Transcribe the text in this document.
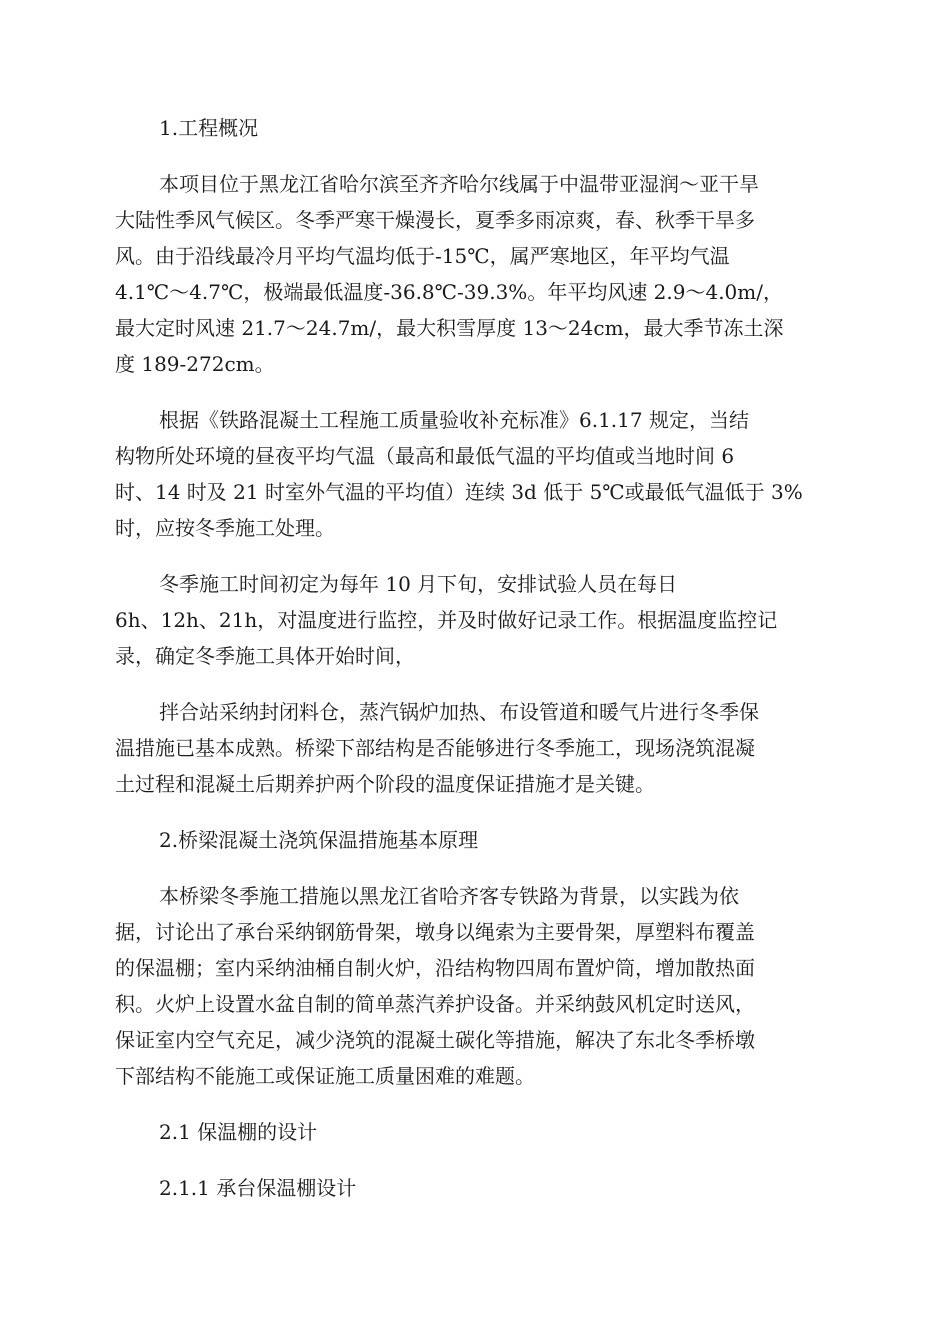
1.工程概况
本项目位于黑龙江省哈尔滨至齐齐哈尔线属于中温带亚湿润～亚干旱
大陆性季风气候区。冬季严寒干燥漫长，夏季多雨凉爽，春、秋季干旱多
风。由于沿线最冷月平均气温均低于-15℃，属严寒地区，年平均气温
4.1℃～4.7℃，极端最低温度-36.8℃-39.3%。年平均风速 2.9～4.0m/，
最大定时风速 21.7～24.7m/，最大积雪厚度 13～24cm，最大季节冻土深
度 189-272cm。
根据《铁路混凝土工程施工质量验收补充标准》6.1.17 规定，当结
构物所处环境的昼夜平均气温（最高和最低气温的平均值或当地时间 6
时、14 时及 21 时室外气温的平均值）连续 3d 低于 5℃或最低气温低于 3%
时，应按冬季施工处理。
冬季施工时间初定为每年 10 月下旬，安排试验人员在每日
6h、12h、21h，对温度进行监控，并及时做好记录工作。根据温度监控记
录，确定冬季施工具体开始时间，
拌合站采纳封闭料仓，蒸汽锅炉加热、布设管道和暖气片进行冬季保
温措施已基本成熟。桥梁下部结构是否能够进行冬季施工，现场浇筑混凝
土过程和混凝土后期养护两个阶段的温度保证措施才是关键。
2.桥梁混凝土浇筑保温措施基本原理
本桥梁冬季施工措施以黑龙江省哈齐客专铁路为背景，以实践为依
据，讨论出了承台采纳钢筋骨架，墩身以绳索为主要骨架，厚塑料布覆盖
的保温棚；室内采纳油桶自制火炉，沿结构物四周布置炉筒，增加散热面
积。火炉上设置水盆自制的简单蒸汽养护设备。并采纳鼓风机定时送风，
保证室内空气充足，减少浇筑的混凝土碳化等措施，解决了东北冬季桥墩
下部结构不能施工或保证施工质量困难的难题。
2.1 保温棚的设计
2.1.1 承台保温棚设计
